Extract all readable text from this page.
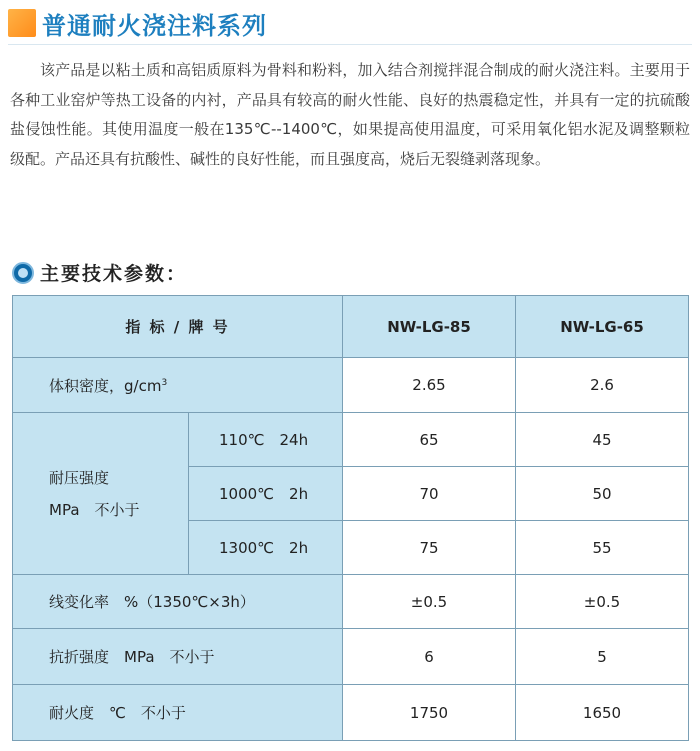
普通耐火浇注料系列

该产品是以粘土质和高铝质原料为骨料和粉料，加入结合剂搅拌混合制成的耐火浇注料。主要用于各种工业窑炉等热工设备的内衬，产品具有较高的耐火性能、良好的热震稳定性，并具有一定的抗硫酸盐侵蚀性能。其使用温度一般在135℃--1400℃，如果提高使用温度，可采用氧化铝水泥及调整颗粒级配。产品还具有抗酸性、碱性的良好性能，而且强度高，烧后无裂缝剥落现象。

主要技术参数：
指 标 / 牌 号		NW-LG-85	NW-LG-65
体积密度，$g/cm^3$		2.65	2.6

耐压强度
MPa　不小于	110℃　24h	65	45
	1000℃　2h	70	50
	1300℃　2h	75	55
线变化率　%（1350℃×3h）		±0.5	±0.5
抗折强度　MPa　不小于		6	5
耐火度　℃　不小于		1750	1650
